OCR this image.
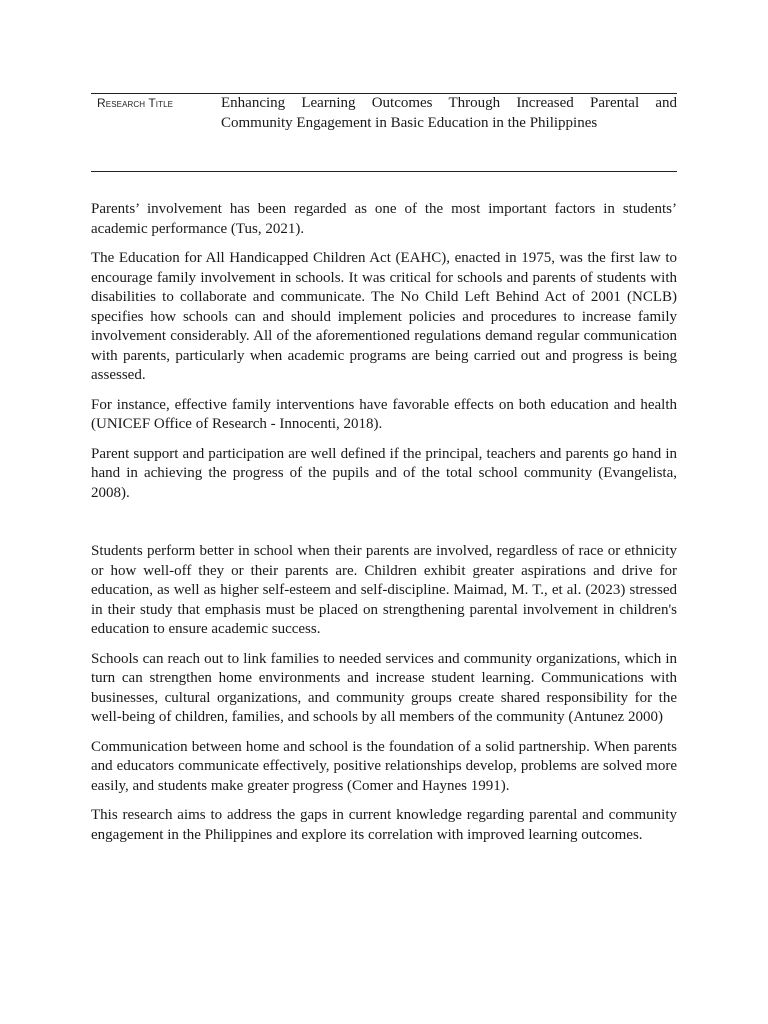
Research Title	Enhancing Learning Outcomes Through Increased Parental and Community Engagement in Basic Education in the Philippines

Parents’ involvement has been regarded as one of the most important factors in students’ academic performance (Tus, 2021).

The Education for All Handicapped Children Act (EAHC), enacted in 1975, was the first law to encourage family involvement in schools. It was critical for schools and parents of students with disabilities to collaborate and communicate. The No Child Left Behind Act of 2001 (NCLB) specifies how schools can and should implement policies and procedures to increase family involvement considerably. All of the aforementioned regulations demand regular communication with parents, particularly when academic programs are being carried out and progress is being assessed.

For instance, effective family interventions have favorable effects on both education and health (UNICEF Office of Research - Innocenti, 2018).

Parent support and participation are well defined if the principal, teachers and parents go hand in hand in achieving the progress of the pupils and of the total school community (Evangelista, 2008).

Students perform better in school when their parents are involved, regardless of race or ethnicity or how well-off they or their parents are. Children exhibit greater aspirations and drive for education, as well as higher self-esteem and self-discipline. Maimad, M. T., et al. (2023) stressed in their study that emphasis must be placed on strengthening parental involvement in children's education to ensure academic success.

Schools can reach out to link families to needed services and community organizations, which in turn can strengthen home environments and increase student learning. Communications with businesses, cultural organizations, and community groups create shared responsibility for the well-being of children, families, and schools by all members of the community (Antunez 2000)

Communication between home and school is the foundation of a solid partnership. When parents and educators communicate effectively, positive relationships develop, problems are solved more easily, and students make greater progress (Comer and Haynes 1991).

This research aims to address the gaps in current knowledge regarding parental and community engagement in the Philippines and explore its correlation with improved learning outcomes.
